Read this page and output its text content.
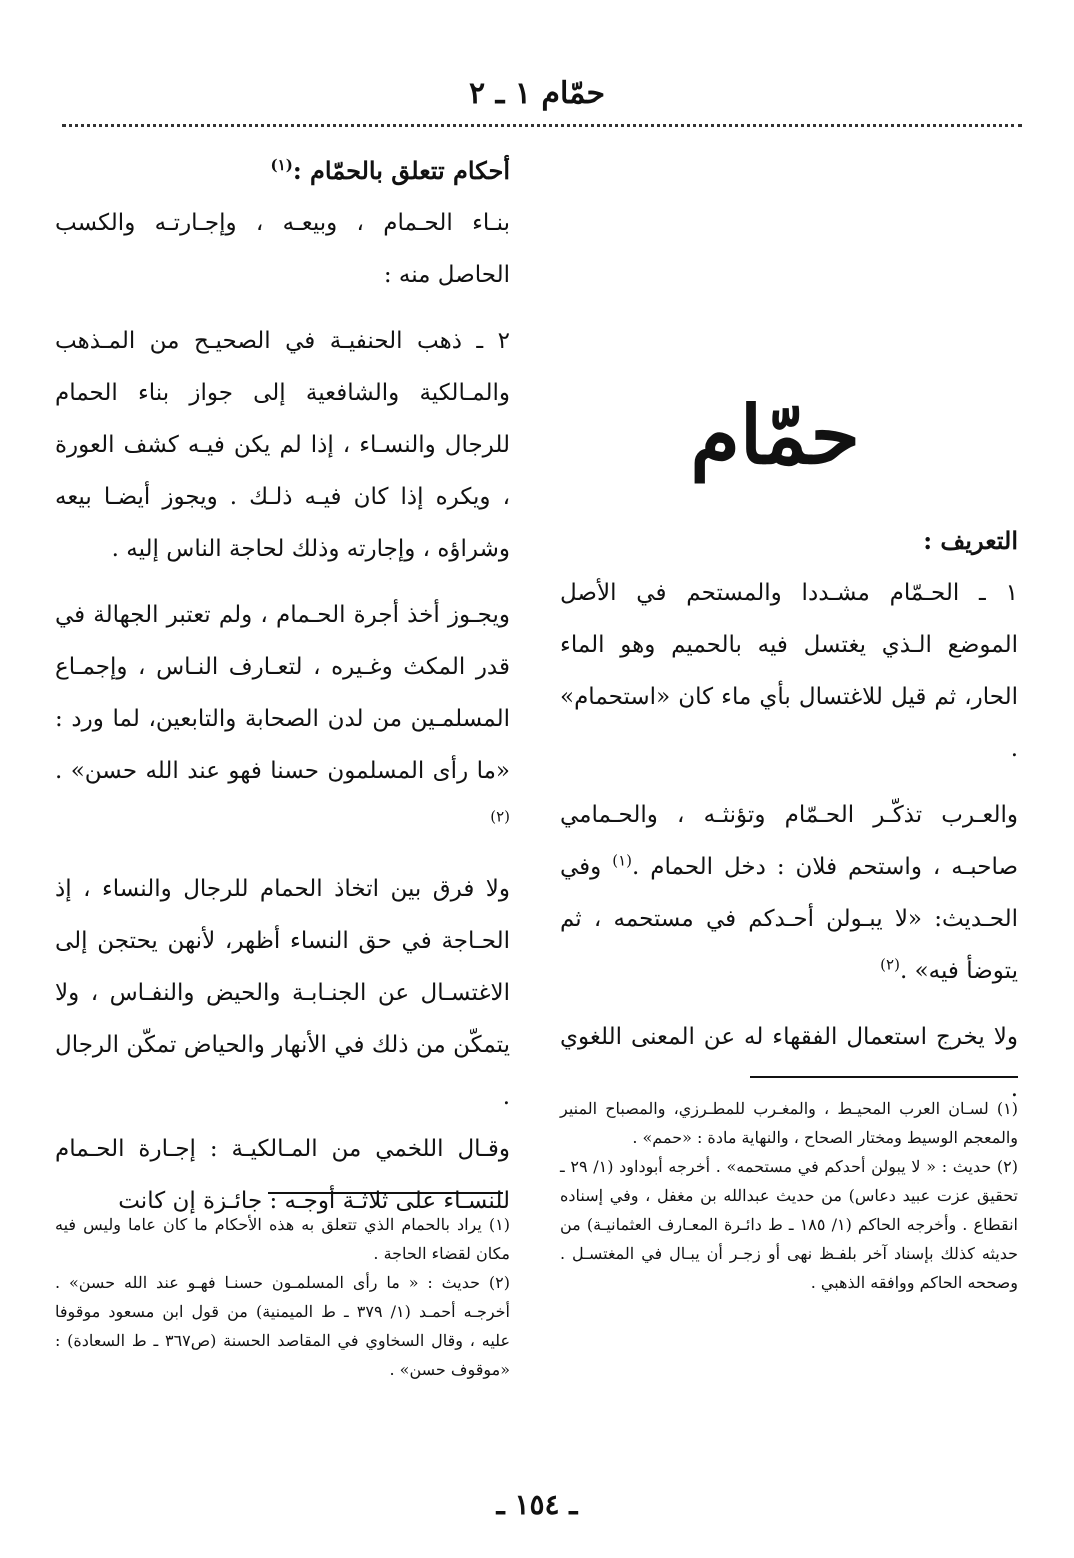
حمّام ١ ـ ٢
حمّام

التعريف :

١ ـ الحـمّام مشـددا والمستحم في الأصل الموضع الـذي يغتسل فيه بالحميم وهو الماء الحار، ثم قيل للاغتسال بأي ماء كان «استحمام» .

والعـرب تذكّـر الحـمّام وتؤنثـه ، والحـمامي صاحبـه ، واستحم فلان : دخل الحمام .$^{(١)}$ وفي الحـديث: «لا يبـولن أحـدكم في مستحمه ، ثم يتوضأ فيه» .$^{(٢)}$

ولا يخرج استعمال الفقهاء له عن المعنى اللغوي .

(١) لسـان العرب المحيـط ، والمغـرب للمطـرزي، والمصباح المنير والمعجم الوسيط ومختار الصحاح ، والنهاية مادة : «حمم» .

(٢) حديث : « لا يبولن أحدكم في مستحمه» . أخرجه أبوداود (١/ ٢٩ ـ تحقيق عزت عبيد دعاس) من حديث عبدالله بن مغفل ، وفي إسناده انقطاع . وأخرجه الحاكم (١/ ١٨٥ ـ ط دائـرة المعـارف العثمانيـة) من حديثه كذلك بإسناد آخر بلفـظ نهى أو زجـر أن يبـال في المغتسـل . وصححه الحاكم ووافقه الذهبي .

أحكام تتعلق بالحمّام :$^{(١)}$

بنـاء الحـمام ، وبيعـه ، وإجـارتـه والكسب الحاصل منه :

٢ ـ ذهب الحنفيـة في الصحيـح من المـذهب والمـالكية والشافعية إلى جواز بناء الحمام للرجال والنسـاء ، إذا لم يكن فيـه كشف العورة ، ويكره إذا كان فيـه ذلـك . ويجوز أيضـا بيعه وشراؤه ، وإجارته وذلك لحاجة الناس إليه .

ويجـوز أخذ أجرة الحـمام ، ولم تعتبر الجهالة في قدر المكث وغـيره ، لتعـارف النـاس ، وإجمـاع المسلمـين من لدن الصحابة والتابعين، لما ورد : «ما رأى المسلمون حسنا فهو عند الله حسن» .$^{(٢)}$

ولا فرق بين اتخاذ الحمام للرجال والنساء ، إذ الحـاجة في حق النساء أظهر، لأنهن يحتجن إلى الاغتسـال عن الجنـابـة والحيض والنفـاس ، ولا يتمكّن من ذلك في الأنهار والحياض تمكّن الرجال .

وقـال اللخمي من المـالكيـة : إجـارة الحـمام للنسـاء على ثلاثـة أوجـه : جائـزة إن كانت

(١) يراد بالحمام الذي تتعلق به هذه الأحكام ما كان عاما وليس فيه مكان لقضاء الحاجة .

(٢) حديث : « ما رأى المسلمـون حسنـا فهـو عند الله حسن» . أخرجـه أحمـد (١/ ٣٧٩ ـ ط الميمنية) من قول ابن مسعود موقوفا عليه ، وقال السخاوي في المقاصد الحسنة (ص٣٦٧ ـ ط السعادة) : «موقوف حسن» .

ـ ١٥٤ ـ
